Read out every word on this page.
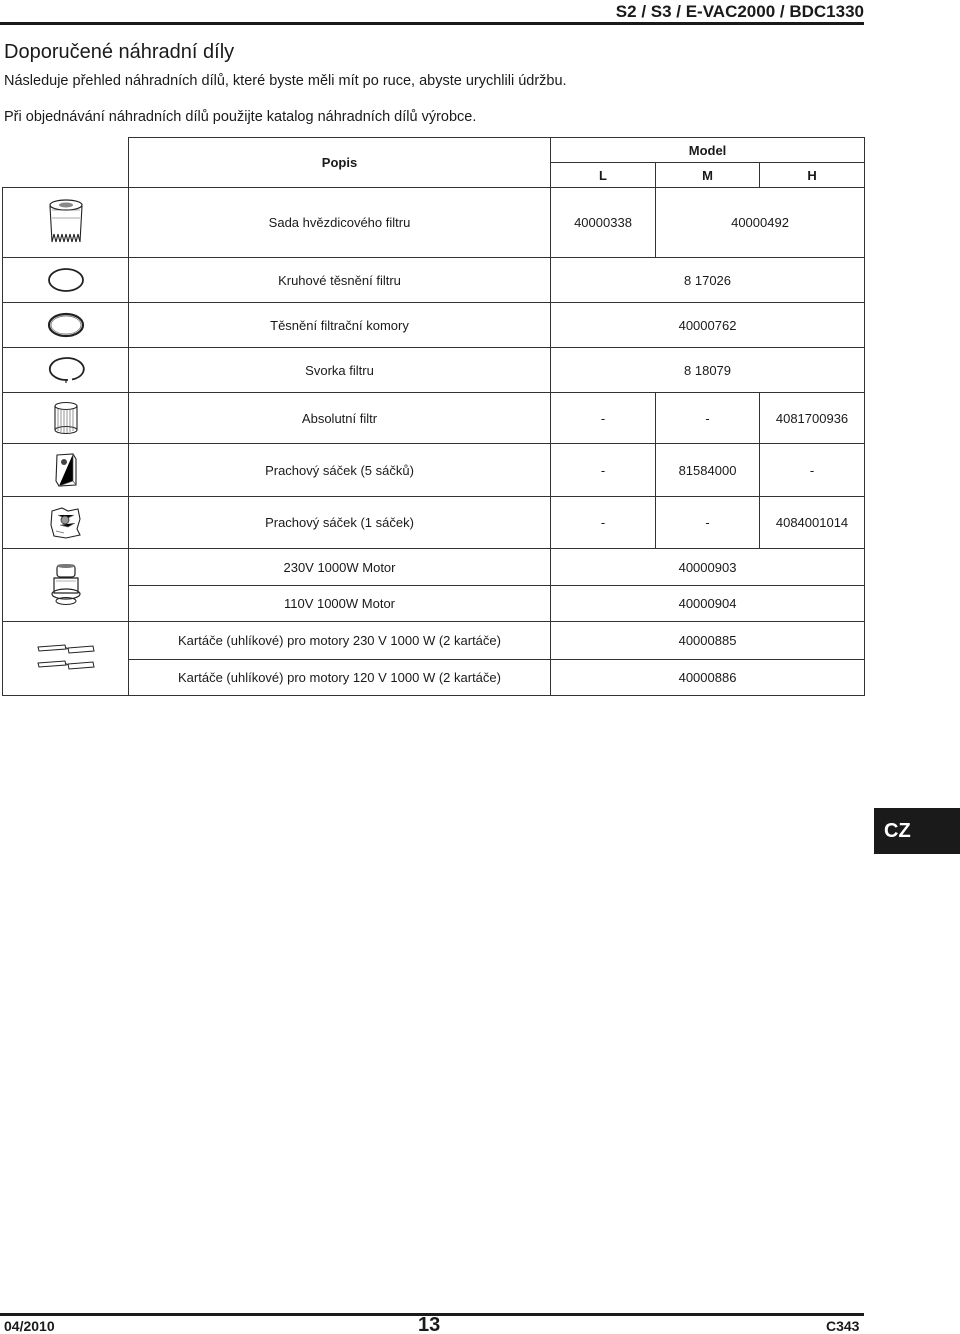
S2 / S3 / E-VAC2000 / BDC1330
Doporučené náhradní díly
Následuje přehled náhradních dílů, které byste měli mít po ruce, abyste urychlili údržbu.
Při objednávání náhradních dílů použijte katalog náhradních dílů výrobce.
	Popis	Model		
		L	M	H

	Sada hvězdicového filtru	40000338	40000492	

	Kruhové těsnění filtru	8 17026		

	Těsnění filtrační komory	40000762		

	Svorka filtru	8 18079		

	Absolutní filtr	-	-	4081700936

	Prachový sáček (5 sáčků)	-	81584000	-

	Prachový sáček (1 sáček)	-	-	4084001014

	230V 1000W Motor	40000903		
	110V 1000W Motor	40000904		

	Kartáče (uhlíkové) pro motory 230 V 1000 W (2 kartáče)	40000885		
	Kartáče (uhlíkové) pro motory 120 V 1000 W (2 kartáče)	40000886		
CZ
04/2010	13	C343
